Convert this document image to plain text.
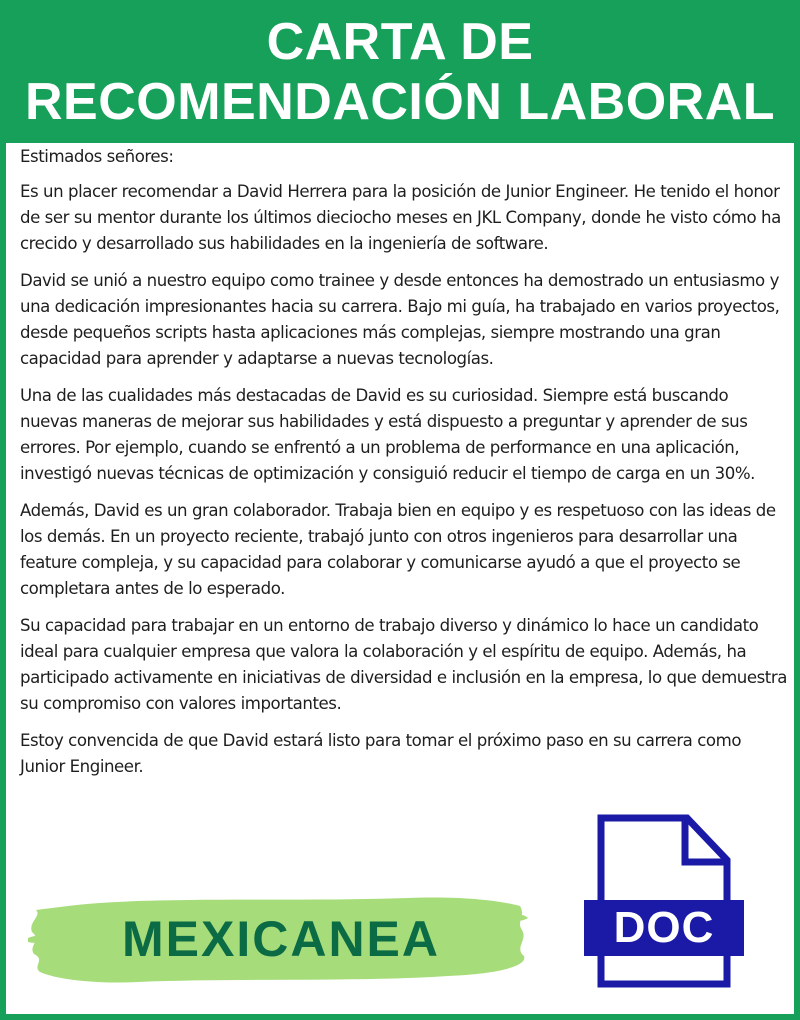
CARTA DE
RECOMENDACIÓN LABORAL

Estimados señores:

Es un placer recomendar a David Herrera para la posición de Junior Engineer. He tenido el honor de ser su mentor durante los últimos dieciocho meses en JKL Company, donde he visto cómo ha crecido y desarrollado sus habilidades en la ingeniería de software.

David se unió a nuestro equipo como trainee y desde entonces ha demostrado un entusiasmo y una dedicación impresionantes hacia su carrera. Bajo mi guía, ha trabajado en varios proyectos, desde pequeños scripts hasta aplicaciones más complejas, siempre mostrando una gran capacidad para aprender y adaptarse a nuevas tecnologías.

Una de las cualidades más destacadas de David es su curiosidad. Siempre está buscando nuevas maneras de mejorar sus habilidades y está dispuesto a preguntar y aprender de sus errores. Por ejemplo, cuando se enfrentó a un problema de performance en una aplicación, investigó nuevas técnicas de optimización y consiguió reducir el tiempo de carga en un 30%.

Además, David es un gran colaborador. Trabaja bien en equipo y es respetuoso con las ideas de los demás. En un proyecto reciente, trabajó junto con otros ingenieros para desarrollar una feature compleja, y su capacidad para colaborar y comunicarse ayudó a que el proyecto se completara antes de lo esperado.

Su capacidad para trabajar en un entorno de trabajo diverso y dinámico lo hace un candidato ideal para cualquier empresa que valora la colaboración y el espíritu de equipo. Además, ha participado activamente en iniciativas de diversidad e inclusión en la empresa, lo que demuestra su compromiso con valores importantes.

Estoy convencida de que David estará listo para tomar el próximo paso en su carrera como Junior Engineer.

MEXICANEA	DOC
